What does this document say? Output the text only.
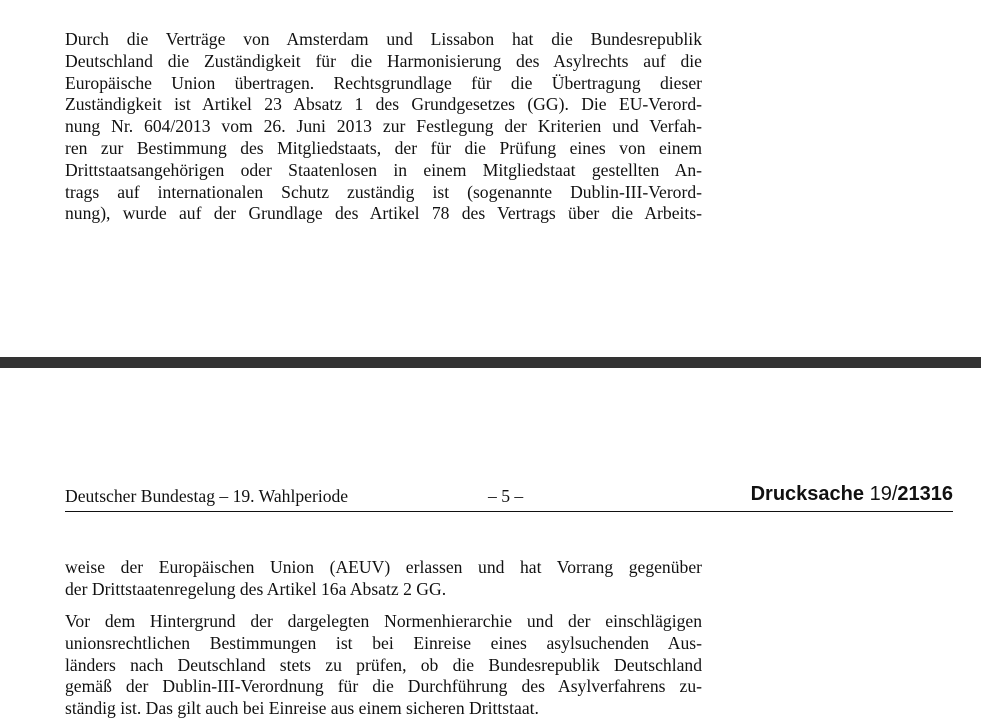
Durch die Verträge von Amsterdam und Lissabon hat die Bundesrepublik
Deutschland die Zuständigkeit für die Harmonisierung des Asylrechts auf die
Europäische Union übertragen. Rechtsgrundlage für die Übertragung dieser
Zuständigkeit ist Artikel 23 Absatz 1 des Grundgesetzes (GG). Die EU-Verord-
nung Nr. 604/2013 vom 26. Juni 2013 zur Festlegung der Kriterien und Verfah-
ren zur Bestimmung des Mitgliedstaats, der für die Prüfung eines von einem
Drittstaatsangehörigen oder Staatenlosen in einem Mitgliedstaat gestellten An-
trags auf internationalen Schutz zuständig ist (sogenannte Dublin-III-Verord-
nung), wurde auf der Grundlage des Artikel 78 des Vertrags über die Arbeits-
Deutscher Bundestag – 19. Wahlperiode	– 5 –	Drucksache 19/21316
weise der Europäischen Union (AEUV) erlassen und hat Vorrang gegenüber
der Drittstaatenregelung des Artikel 16a Absatz 2 GG.
Vor dem Hintergrund der dargelegten Normenhierarchie und der einschlägigen
unionsrechtlichen Bestimmungen ist bei Einreise eines asylsuchenden Aus-
länders nach Deutschland stets zu prüfen, ob die Bundesrepublik Deutschland
gemäß der Dublin-III-Verordnung für die Durchführung des Asylverfahrens zu-
ständig ist. Das gilt auch bei Einreise aus einem sicheren Drittstaat.
